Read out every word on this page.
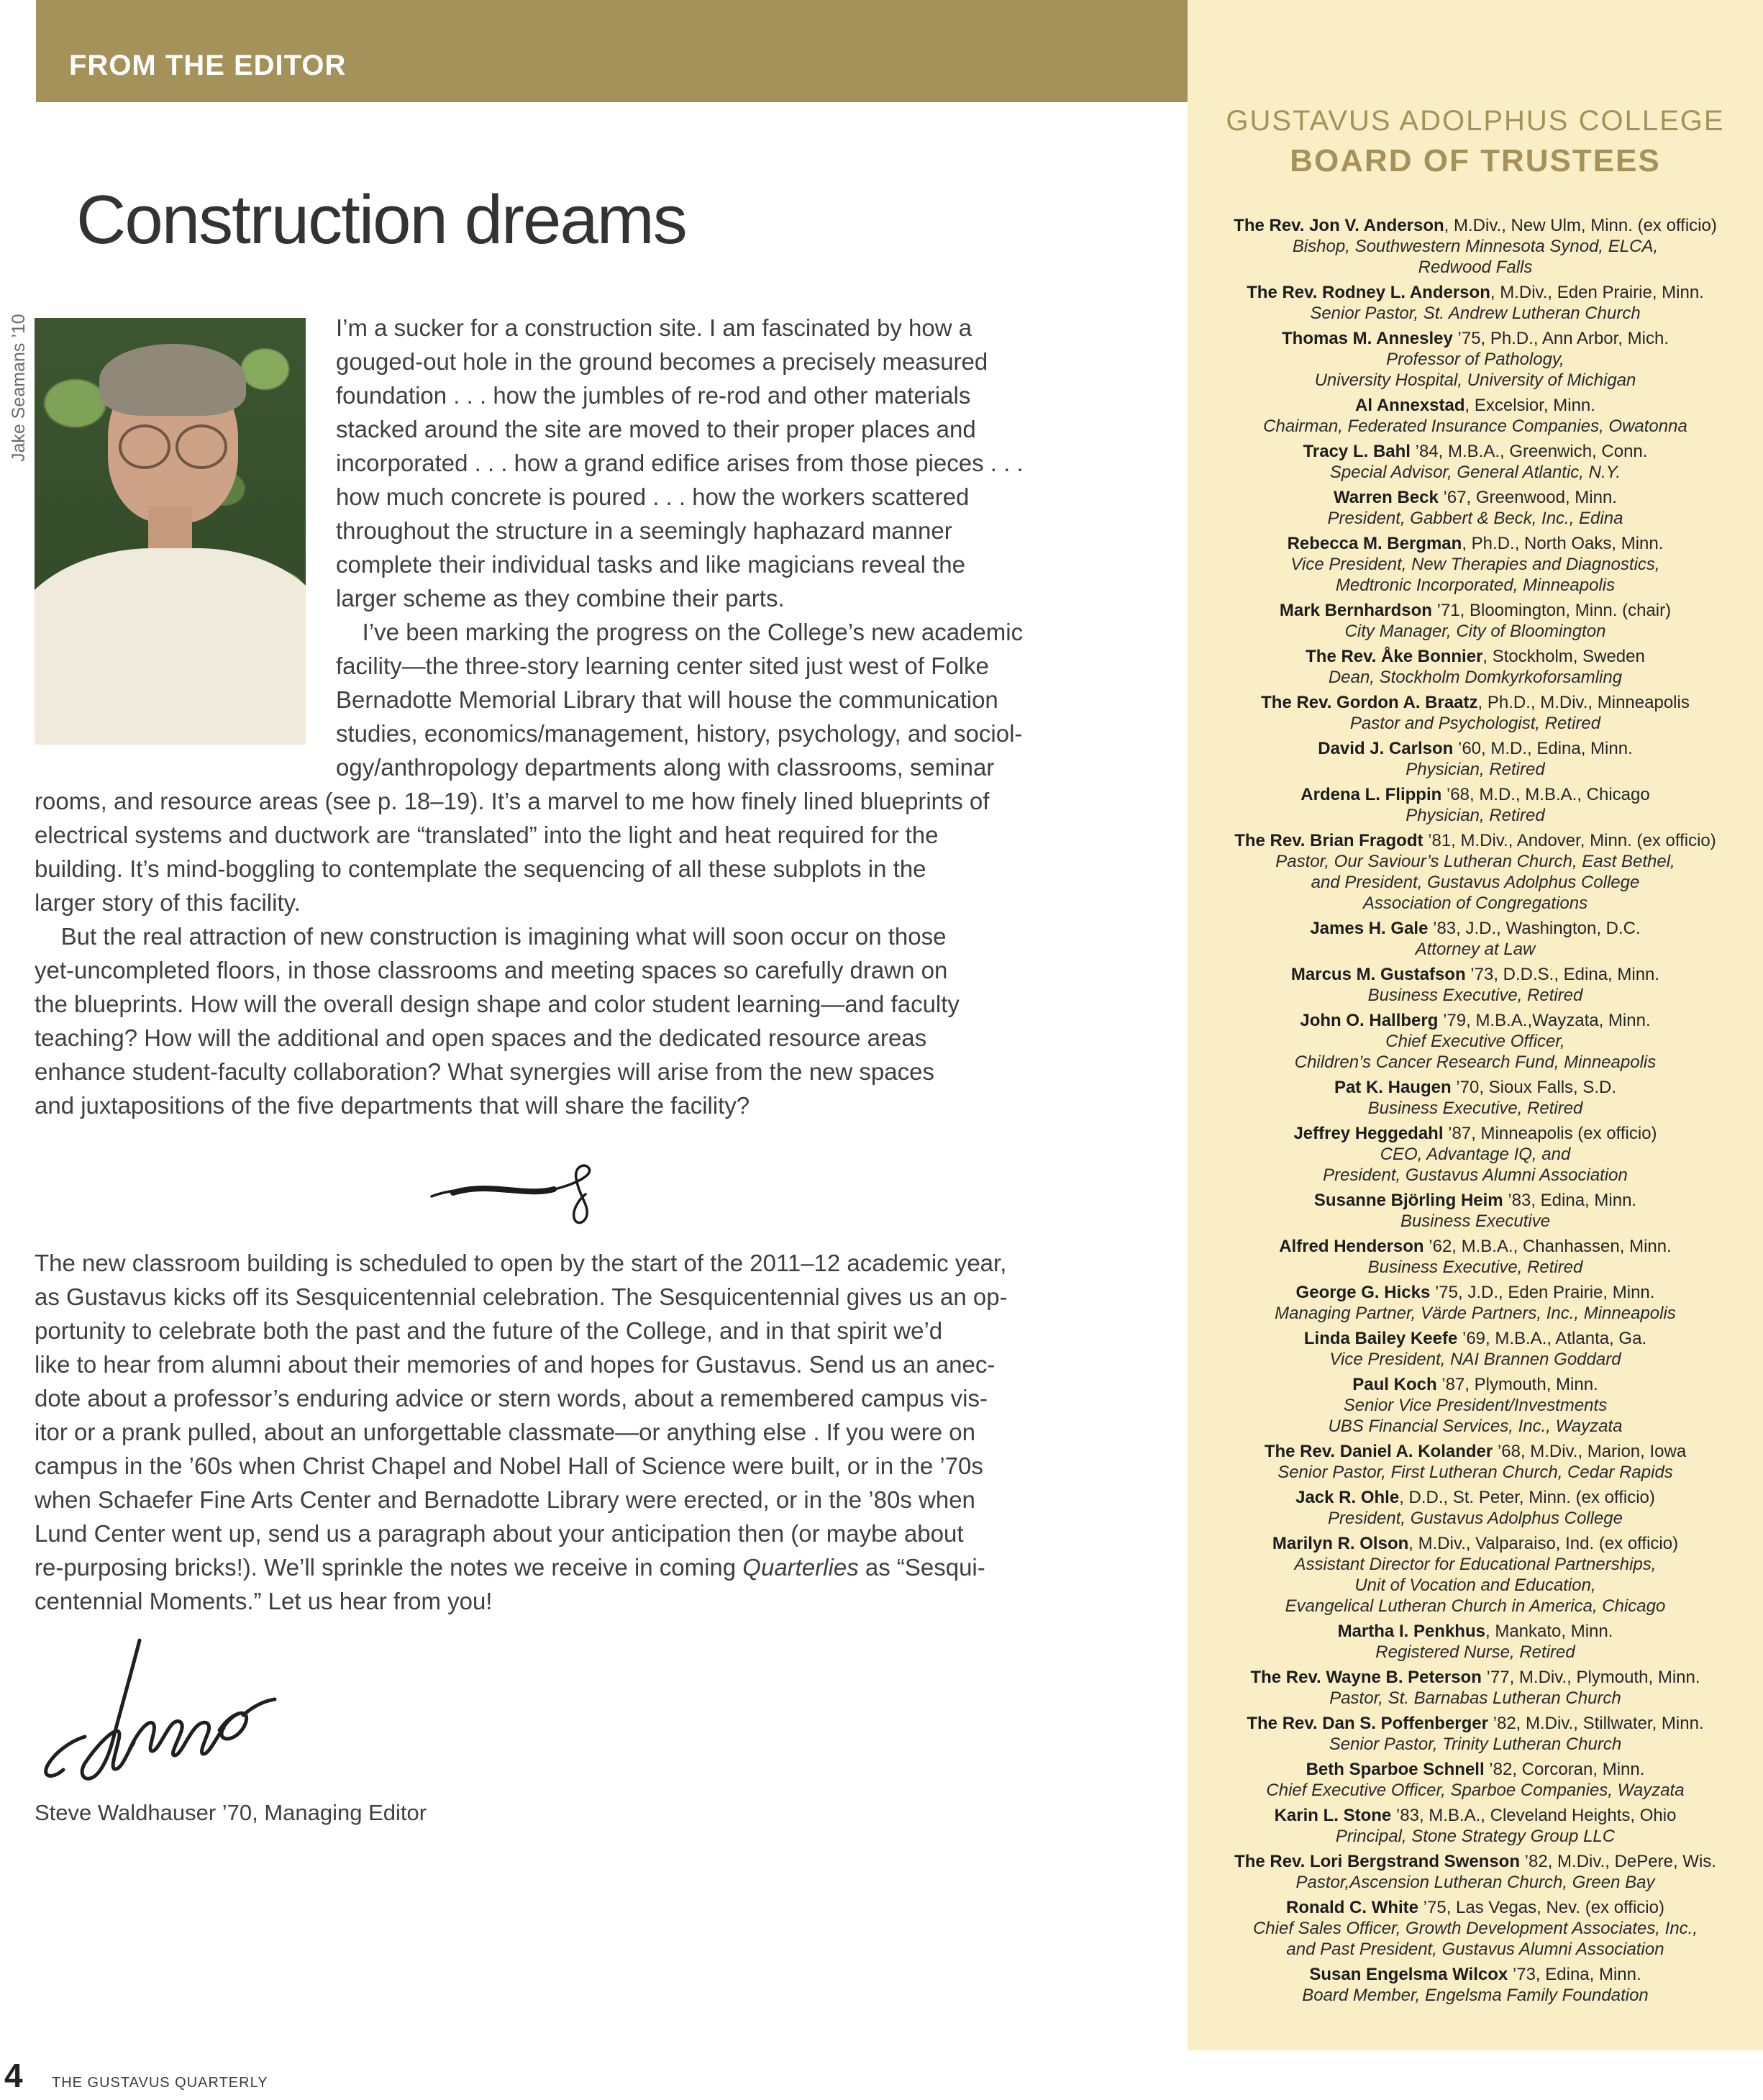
FROM THE EDITOR
Construction dreams
Jake Seamans ’10	I’m a sucker for a construction site. I am fascinated by how a
gouged-out hole in the ground becomes a precisely measured
foundation . . . how the jumbles of re-rod and other materials
stacked around the site are moved to their proper places and
incorporated . . . how a grand edifice arises from those pieces . . .
how much concrete is poured . . . how the workers scattered
throughout the structure in a seemingly haphazard manner
complete their individual tasks and like magicians reveal the
larger scheme as they combine their parts.
I’ve been marking the progress on the College’s new academic
facility—the three-story learning center sited just west of Folke
Bernadotte Memorial Library that will house the communication
studies, economics/management, history, psychology, and sociol-
ogy/anthropology departments along with classrooms, seminar
rooms, and resource areas (see p. 18–19). It’s a marvel to me how finely lined blueprints of
electrical systems and ductwork are “translated” into the light and heat required for the
building. It’s mind-boggling to contemplate the sequencing of all these subplots in the
larger story of this facility.
But the real attraction of new construction is imagining what will soon occur on those
yet-uncompleted floors, in those classrooms and meeting spaces so carefully drawn on
the blueprints. How will the overall design shape and color student learning—and faculty
teaching? How will the additional and open spaces and the dedicated resource areas
enhance student-faculty collaboration? What synergies will arise from the new spaces
and juxtapositions of the five departments that will share the facility?
The new classroom building is scheduled to open by the start of the 2011–12 academic year,
as Gustavus kicks off its Sesquicentennial celebration. The Sesquicentennial gives us an op-
portunity to celebrate both the past and the future of the College, and in that spirit we’d
like to hear from alumni about their memories of and hopes for Gustavus. Send us an anec-
dote about a professor’s enduring advice or stern words, about a remembered campus vis-
itor or a prank pulled, about an unforgettable classmate—or anything else . If you were on
campus in the ’60s when Christ Chapel and Nobel Hall of Science were built, or in the ’70s
when Schaefer Fine Arts Center and Bernadotte Library were erected, or in the ’80s when
Lund Center went up, send us a paragraph about your anticipation then (or maybe about
re-purposing bricks!). We’ll sprinkle the notes we receive in coming Quarterlies as “Sesqui-
centennial Moments.” Let us hear from you!
Steve Waldhauser ’70, Managing Editor
GUSTAVUS ADOLPHUS COLLEGE
BOARD OF TRUSTEES
The Rev. Jon V. Anderson, M.Div., New Ulm, Minn. (ex officio)
Bishop, Southwestern Minnesota Synod, ELCA,
Redwood Falls
The Rev. Rodney L. Anderson, M.Div., Eden Prairie, Minn.
Senior Pastor, St. Andrew Lutheran Church
Thomas M. Annesley ’75, Ph.D., Ann Arbor, Mich.
Professor of Pathology,
University Hospital, University of Michigan
Al Annexstad, Excelsior, Minn.
Chairman, Federated Insurance Companies, Owatonna
Tracy L. Bahl ’84, M.B.A., Greenwich, Conn.
Special Advisor, General Atlantic, N.Y.
Warren Beck ’67, Greenwood, Minn.
President, Gabbert & Beck, Inc., Edina
Rebecca M. Bergman, Ph.D., North Oaks, Minn.
Vice President, New Therapies and Diagnostics,
Medtronic Incorporated, Minneapolis
Mark Bernhardson ’71, Bloomington, Minn. (chair)
City Manager, City of Bloomington
The Rev. Åke Bonnier, Stockholm, Sweden
Dean, Stockholm Domkyrkoforsamling
The Rev. Gordon A. Braatz, Ph.D., M.Div., Minneapolis
Pastor and Psychologist, Retired
David J. Carlson ’60, M.D., Edina, Minn.
Physician, Retired
Ardena L. Flippin ’68, M.D., M.B.A., Chicago
Physician, Retired
The Rev. Brian Fragodt ’81, M.Div., Andover, Minn. (ex officio)
Pastor, Our Saviour’s Lutheran Church, East Bethel,
and President, Gustavus Adolphus College
Association of Congregations
James H. Gale ’83, J.D., Washington, D.C.
Attorney at Law
Marcus M. Gustafson ’73, D.D.S., Edina, Minn.
Business Executive, Retired
John O. Hallberg ’79, M.B.A.,Wayzata, Minn.
Chief Executive Officer,
Children’s Cancer Research Fund, Minneapolis
Pat K. Haugen ’70, Sioux Falls, S.D.
Business Executive, Retired
Jeffrey Heggedahl ’87, Minneapolis (ex officio)
CEO, Advantage IQ, and
President, Gustavus Alumni Association
Susanne Björling Heim ’83, Edina, Minn.
Business Executive
Alfred Henderson ’62, M.B.A., Chanhassen, Minn.
Business Executive, Retired
George G. Hicks ’75, J.D., Eden Prairie, Minn.
Managing Partner, Värde Partners, Inc., Minneapolis
Linda Bailey Keefe ’69, M.B.A., Atlanta, Ga.
Vice President, NAI Brannen Goddard
Paul Koch ’87, Plymouth, Minn.
Senior Vice President/Investments
UBS Financial Services, Inc., Wayzata
The Rev. Daniel A. Kolander ’68, M.Div., Marion, Iowa
Senior Pastor, First Lutheran Church, Cedar Rapids
Jack R. Ohle, D.D., St. Peter, Minn. (ex officio)
President, Gustavus Adolphus College
Marilyn R. Olson, M.Div., Valparaiso, Ind. (ex officio)
Assistant Director for Educational Partnerships,
Unit of Vocation and Education,
Evangelical Lutheran Church in America, Chicago
Martha I. Penkhus, Mankato, Minn.
Registered Nurse, Retired
The Rev. Wayne B. Peterson ’77, M.Div., Plymouth, Minn.
Pastor, St. Barnabas Lutheran Church
The Rev. Dan S. Poffenberger ’82, M.Div., Stillwater, Minn.
Senior Pastor, Trinity Lutheran Church
Beth Sparboe Schnell ’82, Corcoran, Minn.
Chief Executive Officer, Sparboe Companies, Wayzata
Karin L. Stone ’83, M.B.A., Cleveland Heights, Ohio
Principal, Stone Strategy Group LLC
The Rev. Lori Bergstrand Swenson ’82, M.Div., DePere, Wis.
Pastor,Ascension Lutheran Church, Green Bay
Ronald C. White ’75, Las Vegas, Nev. (ex officio)
Chief Sales Officer, Growth Development Associates, Inc.,
and Past President, Gustavus Alumni Association
Susan Engelsma Wilcox ’73, Edina, Minn.
Board Member, Engelsma Family Foundation
4 THE GUSTAVUS QUARTERLY
